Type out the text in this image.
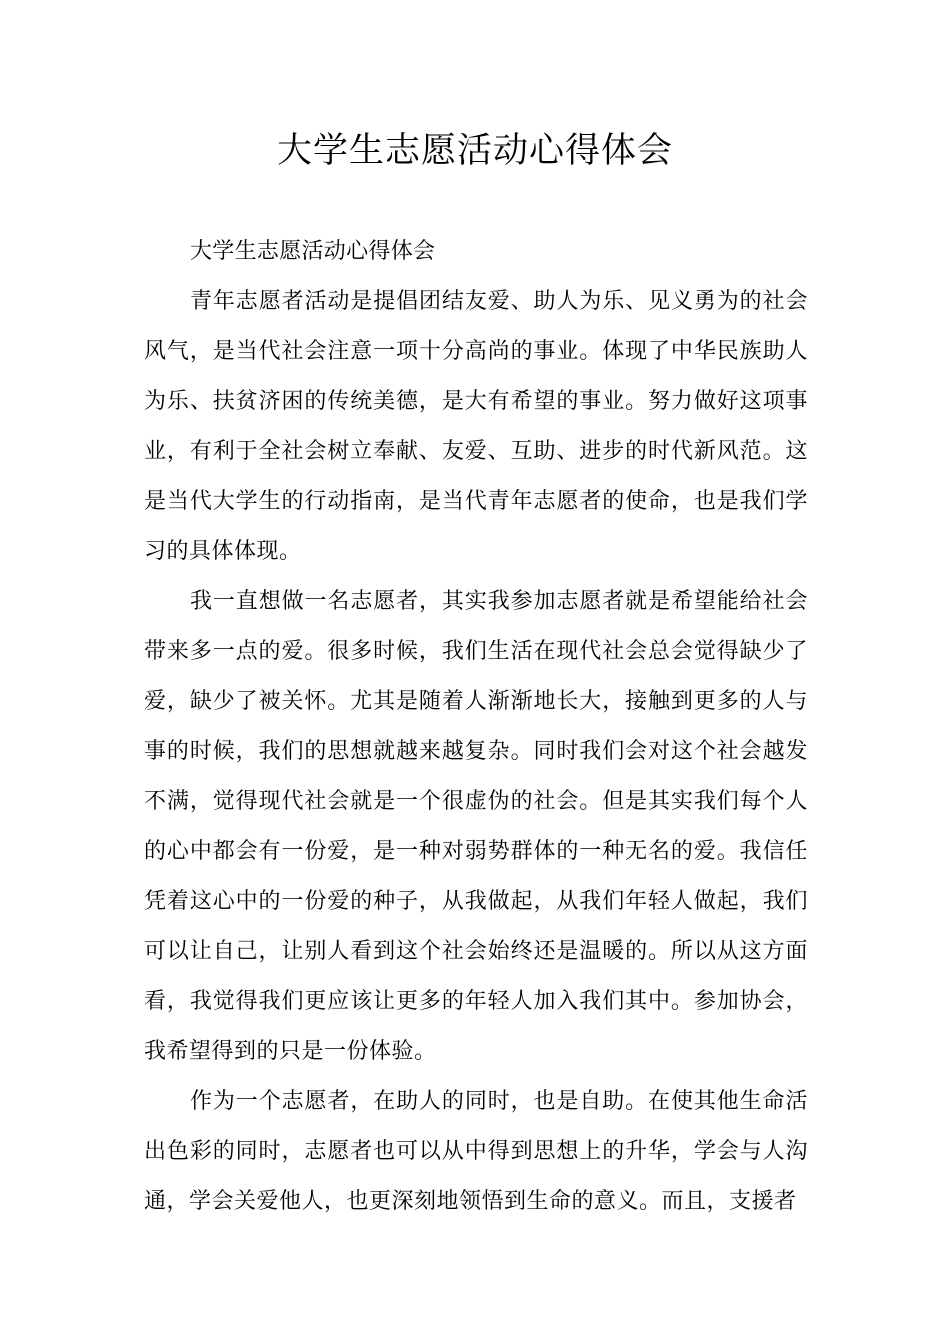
大学生志愿活动心得体会

大学生志愿活动心得体会

青年志愿者活动是提倡团结友爱、助人为乐、见义勇为的社会风气，是当代社会注意一项十分高尚的事业。体现了中华民族助人为乐、扶贫济困的传统美德，是大有希望的事业。努力做好这项事业，有利于全社会树立奉献、友爱、互助、进步的时代新风范。这是当代大学生的行动指南，是当代青年志愿者的使命，也是我们学习的具体体现。

我一直想做一名志愿者，其实我参加志愿者就是希望能给社会带来多一点的爱。很多时候，我们生活在现代社会总会觉得缺少了爱，缺少了被关怀。尤其是随着人渐渐地长大，接触到更多的人与事的时候，我们的思想就越来越复杂。同时我们会对这个社会越发不满，觉得现代社会就是一个很虚伪的社会。但是其实我们每个人的心中都会有一份爱，是一种对弱势群体的一种无名的爱。我信任凭着这心中的一份爱的种子，从我做起，从我们年轻人做起，我们可以让自己，让别人看到这个社会始终还是温暖的。所以从这方面看，我觉得我们更应该让更多的年轻人加入我们其中。参加协会，我希望得到的只是一份体验。

作为一个志愿者，在助人的同时，也是自助。在使其他生命活出色彩的同时，志愿者也可以从中得到思想上的升华，学会与人沟通，学会关爱他人，也更深刻地领悟到生命的意义。而且，支援者
